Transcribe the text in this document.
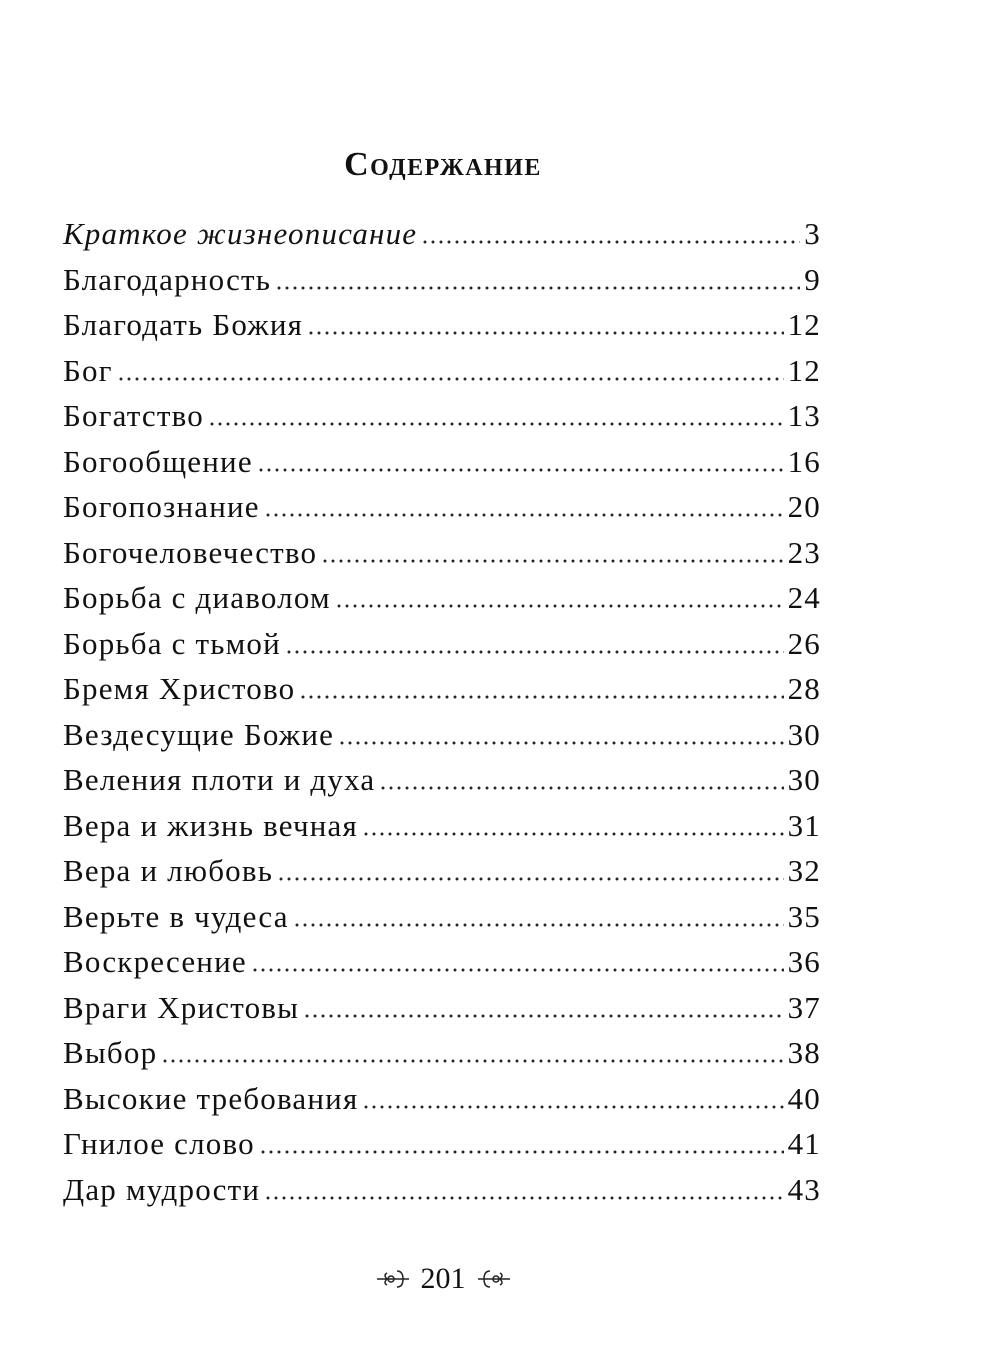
Содержание
Краткое жизнеописание	3
Благодарность	9
Благодать Божия	12
Бог	12
Богатство	13
Богообщение	16
Богопознание	20
Богочеловечество	23
Борьба с диаволом	24
Борьба с тьмой	26
Бремя Христово	28
Вездесущие Божие	30
Веления плоти и духа	30
Вера и жизнь вечная	31
Вера и любовь	32
Верьте в чудеса	35
Воскресение	36
Враги Христовы	37
Выбор	38
Высокие требования	40
Гнилое слово	41
Дар мудрости	43
201
